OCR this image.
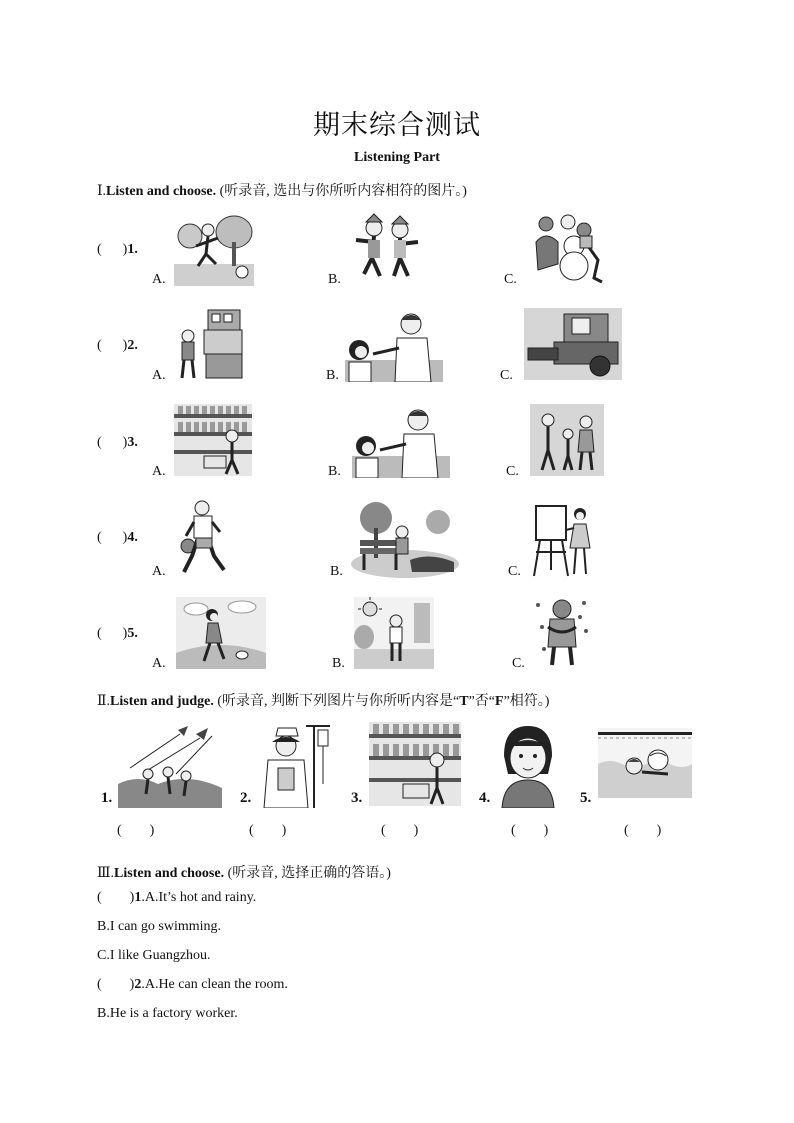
期末综合测试
Listening Part
Ⅰ.Listen and choose. (听录音, 选出与你所听内容相符的图片。)
(      )1.
A.	B.	C.
(      )2.
A.	B.	C.
(      )3.
A.	B.	C.
(      )4.
A.	B.	C.
(      )5.
A.	B.	C.
Ⅱ.Listen and judge. (听录音, 判断下列图片与你所听内容是“T”否“F”相符。)
1.
(        )
2.
(        )
3.
(        )
4.
(        )
5.
(        )
Ⅲ.Listen and choose. (听录音, 选择正确的答语。)
(        )1.A.It’s hot and rainy.
B.I can go swimming.
C.I like Guangzhou.
(        )2.A.He can clean the room.
B.He is a factory worker.
